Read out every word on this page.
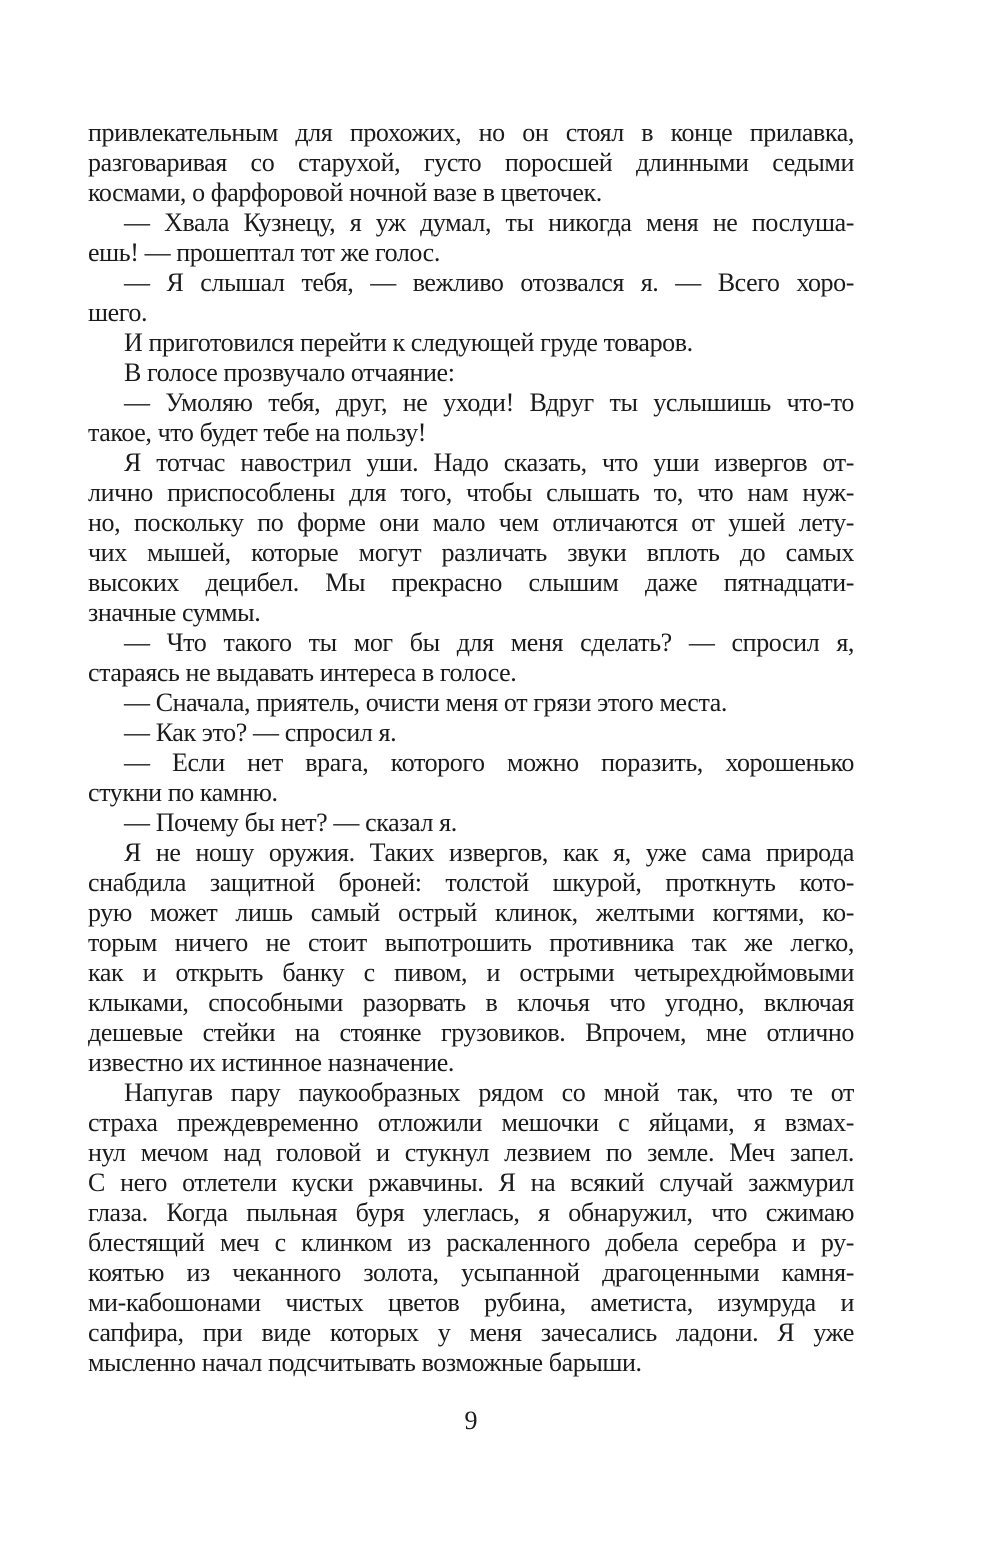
привлекательным для прохожих, но он стоял в конце прилавка,
разговаривая со старухой, густо поросшей длинными седыми
космами, о фарфоровой ночной вазе в цветочек.
— Хвала Кузнецу, я уж думал, ты никогда меня не послуша-
ешь! — прошептал тот же голос.
— Я слышал тебя, — вежливо отозвался я. — Всего хоро-
шего.
И приготовился перейти к следующей груде товаров.
В голосе прозвучало отчаяние:
— Умоляю тебя, друг, не уходи! Вдруг ты услышишь что-то
такое, что будет тебе на пользу!
Я тотчас навострил уши. Надо сказать, что уши извергов от-
лично приспособлены для того, чтобы слышать то, что нам нуж-
но, поскольку по форме они мало чем отличаются от ушей лету-
чих мышей, которые могут различать звуки вплоть до самых
высоких децибел. Мы прекрасно слышим даже пятнадцати-
значные суммы.
— Что такого ты мог бы для меня сделать? — спросил я,
стараясь не выдавать интереса в голосе.
— Сначала, приятель, очисти меня от грязи этого места.
— Как это? — спросил я.
— Если нет врага, которого можно поразить, хорошенько
стукни по камню.
— Почему бы нет? — сказал я.
Я не ношу оружия. Таких извергов, как я, уже сама природа
снабдила защитной броней: толстой шкурой, проткнуть кото-
рую может лишь самый острый клинок, желтыми когтями, ко-
торым ничего не стоит выпотрошить противника так же легко,
как и открыть банку с пивом, и острыми четырехдюймовыми
клыками, способными разорвать в клочья что угодно, включая
дешевые стейки на стоянке грузовиков. Впрочем, мне отлично
известно их истинное назначение.
Напугав пару паукообразных рядом со мной так, что те от
страха преждевременно отложили мешочки с яйцами, я взмах-
нул мечом над головой и стукнул лезвием по земле. Меч запел.
С него отлетели куски ржавчины. Я на всякий случай зажмурил
глаза. Когда пыльная буря улеглась, я обнаружил, что сжимаю
блестящий меч с клинком из раскаленного добела серебра и ру-
коятью из чеканного золота, усыпанной драгоценными камня-
ми-кабошонами чистых цветов рубина, аметиста, изумруда и
сапфира, при виде которых у меня зачесались ладони. Я уже
мысленно начал подсчитывать возможные барыши.
9
